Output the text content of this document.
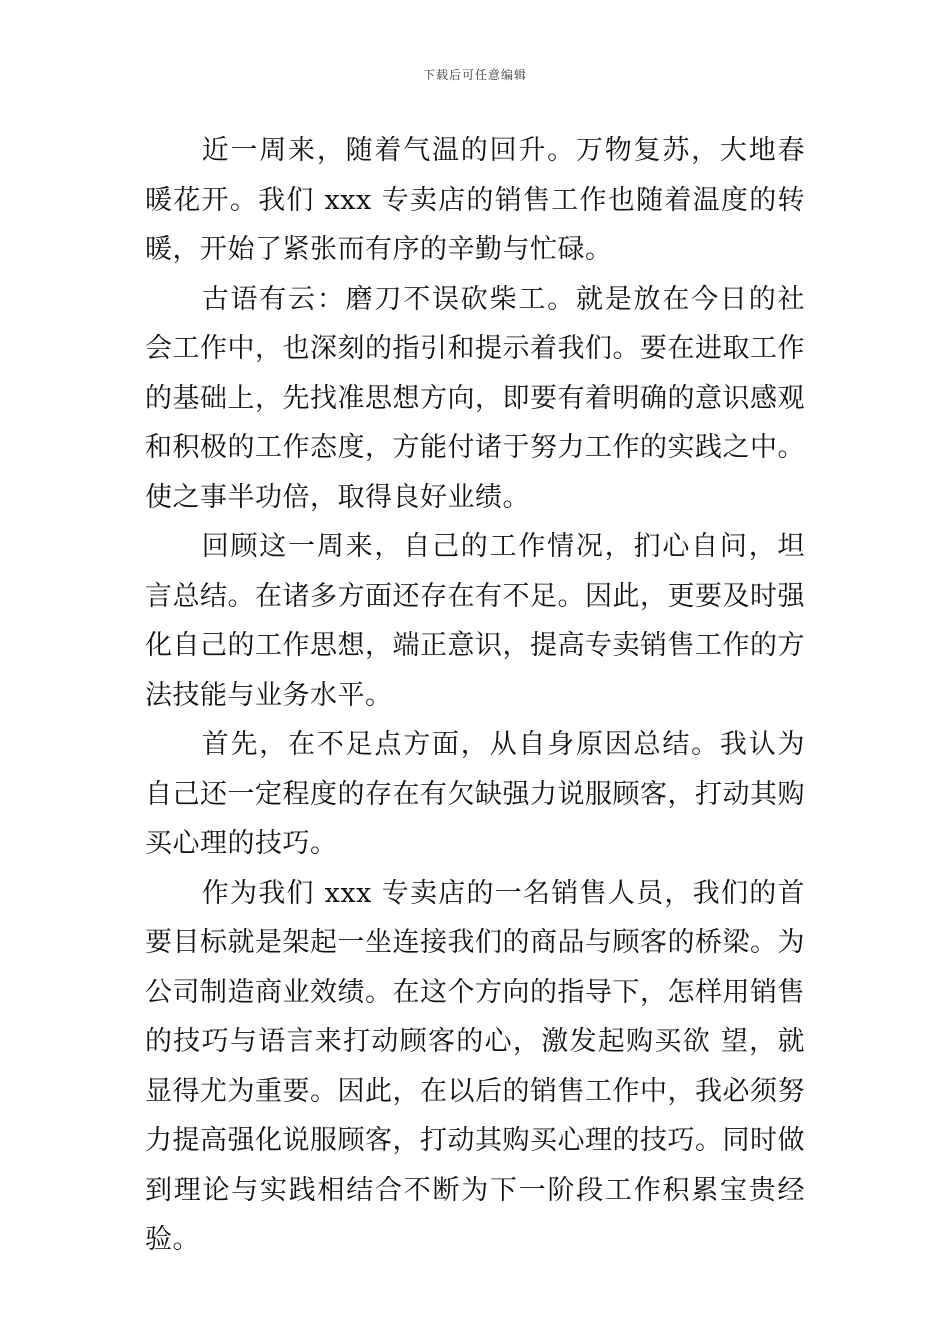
下载后可任意编辑

近一周来，随着气温的回升。万物复苏，大地春暖花开。我们 xxx 专卖店的销售工作也随着温度的转暖，开始了紧张而有序的辛勤与忙碌。

古语有云：磨刀不误砍柴工。就是放在今日的社会工作中，也深刻的指引和提示着我们。要在进取工作的基础上，先找准思想方向，即要有着明确的意识感观和积极的工作态度，方能付诸于努力工作的实践之中。使之事半功倍，取得良好业绩。

回顾这一周来，自己的工作情况，扪心自问，坦言总结。在诸多方面还存在有不足。因此，更要及时强化自己的工作思想，端正意识，提高专卖销售工作的方法技能与业务水平。

首先，在不足点方面，从自身原因总结。我认为自己还一定程度的存在有欠缺强力说服顾客，打动其购买心理的技巧。

作为我们 xxx 专卖店的一名销售人员，我们的首要目标就是架起一坐连接我们的商品与顾客的桥梁。为公司制造商业效绩。在这个方向的指导下，怎样用销售的技巧与语言来打动顾客的心，激发起购买欲 望，就显得尤为重要。因此，在以后的销售工作中，我必须努力提高强化说服顾客，打动其购买心理的技巧。同时做到理论与实践相结合不断为下一阶段工作积累宝贵经验。
